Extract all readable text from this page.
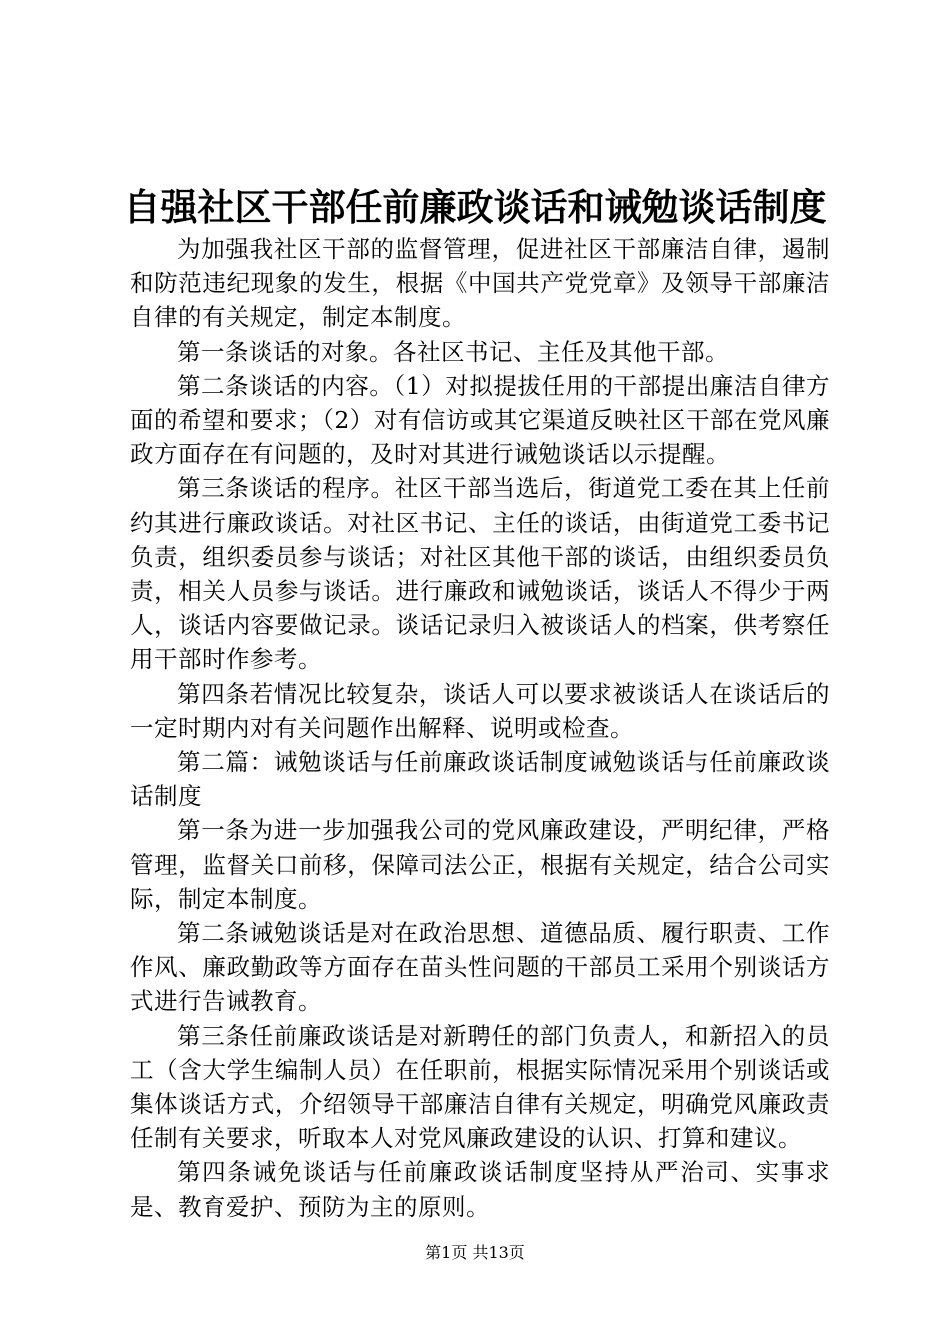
自强社区干部任前廉政谈话和诫勉谈话制度

为加强我社区干部的监督管理，促进社区干部廉洁自律，遏制和防范违纪现象的发生，根据《中国共产党党章》及领导干部廉洁自律的有关规定，制定本制度。

第一条谈话的对象。各社区书记、主任及其他干部。

第二条谈话的内容。（1）对拟提拔任用的干部提出廉洁自律方面的希望和要求；（2）对有信访或其它渠道反映社区干部在党风廉政方面存在有问题的，及时对其进行诫勉谈话以示提醒。

第三条谈话的程序。社区干部当选后，街道党工委在其上任前约其进行廉政谈话。对社区书记、主任的谈话，由街道党工委书记负责，组织委员参与谈话；对社区其他干部的谈话，由组织委员负责，相关人员参与谈话。进行廉政和诫勉谈话，谈话人不得少于两人，谈话内容要做记录。谈话记录归入被谈话人的档案，供考察任用干部时作参考。

第四条若情况比较复杂，谈话人可以要求被谈话人在谈话后的一定时期内对有关问题作出解释、说明或检查。

第二篇：诫勉谈话与任前廉政谈话制度诫勉谈话与任前廉政谈话制度

第一条为进一步加强我公司的党风廉政建设，严明纪律，严格管理，监督关口前移，保障司法公正，根据有关规定，结合公司实际，制定本制度。

第二条诫勉谈话是对在政治思想、道德品质、履行职责、工作作风、廉政勤政等方面存在苗头性问题的干部员工采用个别谈话方式进行告诫教育。

第三条任前廉政谈话是对新聘任的部门负责人，和新招入的员工（含大学生编制人员）在任职前，根据实际情况采用个别谈话或集体谈话方式，介绍领导干部廉洁自律有关规定，明确党风廉政责任制有关要求，听取本人对党风廉政建设的认识、打算和建议。

第四条诫免谈话与任前廉政谈话制度坚持从严治司、实事求是、教育爱护、预防为主的原则。

第1页 共13页
